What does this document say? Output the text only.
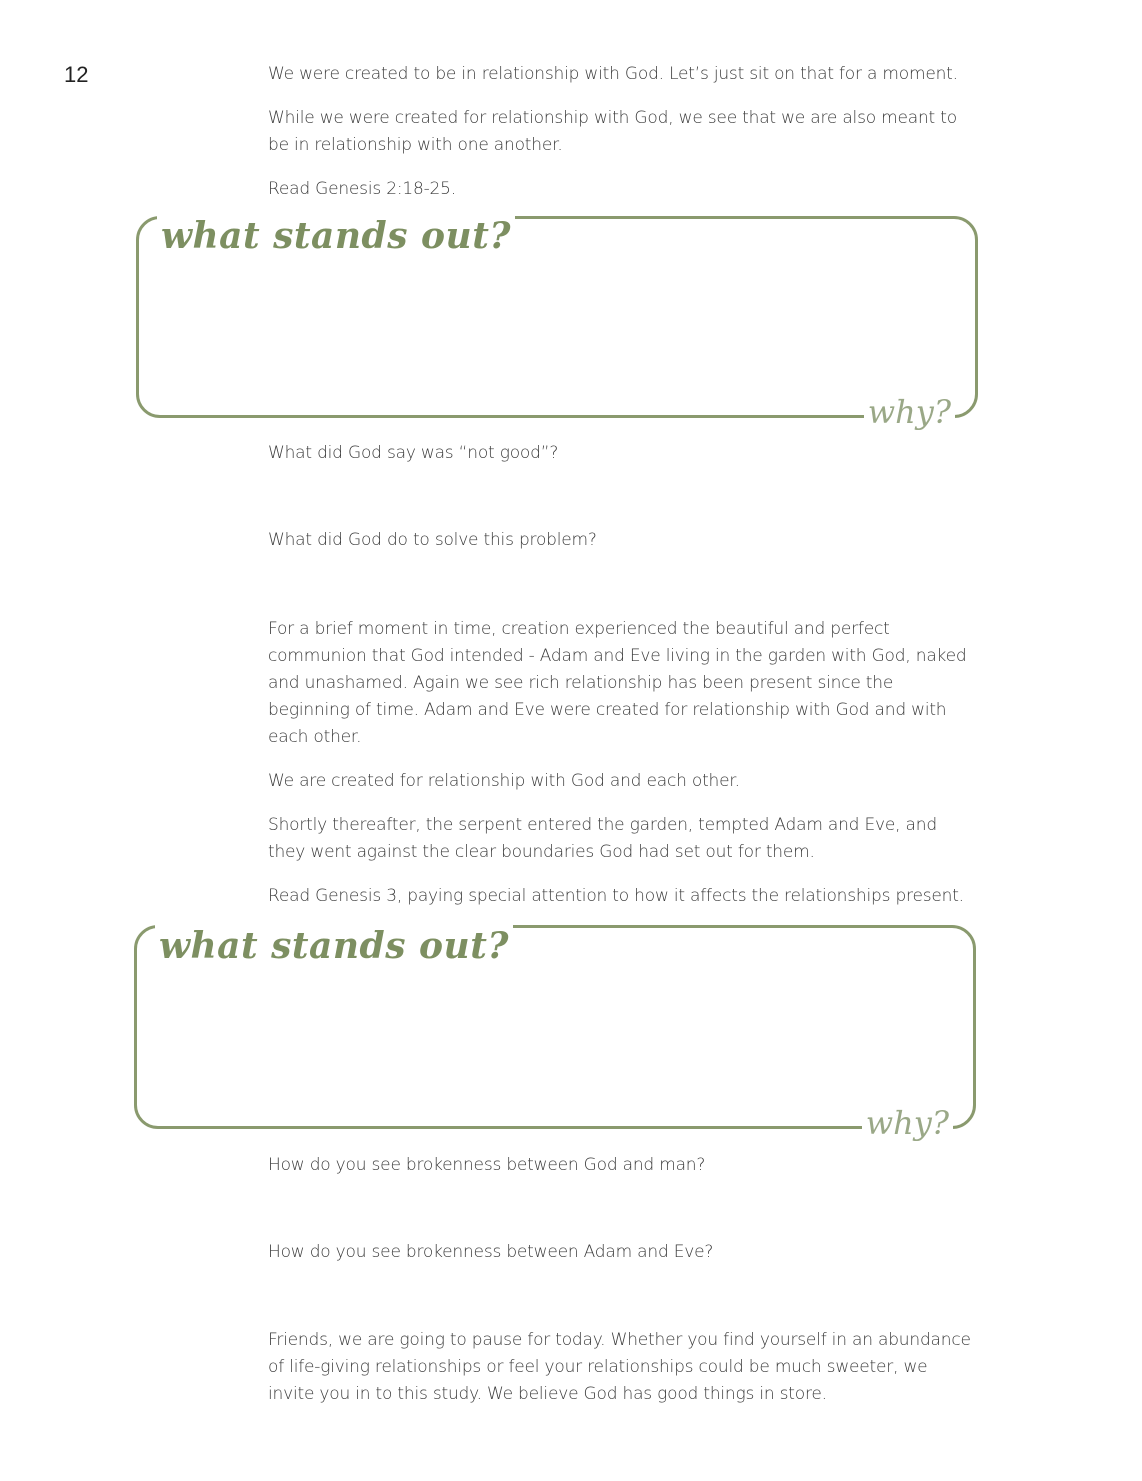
12	We were created to be in relationship with God. Let’s just sit on that for a moment.

While we were created for relationship with God, we see that we are also meant to be in relationship with one another.

Read Genesis 2:18-25.

what stands out?
why?

What did God say was “not good”?

What did God do to solve this problem?

For a brief moment in time, creation experienced the beautiful and perfect communion that God intended - Adam and Eve living in the garden with God, naked and unashamed. Again we see rich relationship has been present since the beginning of time. Adam and Eve were created for relationship with God and with each other.

We are created for relationship with God and each other.

Shortly thereafter, the serpent entered the garden, tempted Adam and Eve, and they went against the clear boundaries God had set out for them.

Read Genesis 3, paying special attention to how it affects the relationships present.

what stands out?
why?

How do you see brokenness between God and man?

How do you see brokenness between Adam and Eve?

Friends, we are going to pause for today. Whether you find yourself in an abundance of life-giving relationships or feel your relationships could be much sweeter, we invite you in to this study. We believe God has good things in store.
